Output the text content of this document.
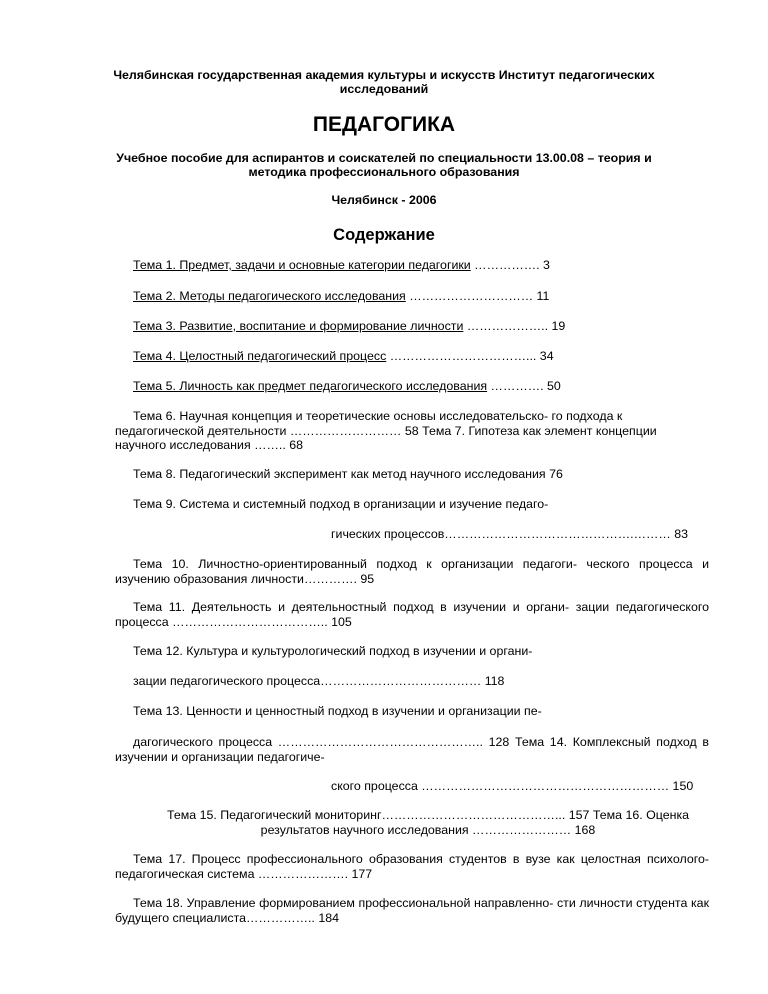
Челябинская государственная академия культуры и искусств Институт педагогических исследований
ПЕДАГОГИКА
Учебное пособие для аспирантов и соискателей по специальности 13.00.08 – теория и методика профессионального образования
Челябинск - 2006
Содержание
Тема 1. Предмет, задачи и основные категории педагогики ……………. 3
Тема 2. Методы педагогического исследования ………………………… 11
Тема 3. Развитие, воспитание и формирование личности ……………….. 19
Тема 4. Целостный педагогический процесс ……………………………... 34
Тема 5. Личность как предмет педагогического исследования …………. 50
Тема 6. Научная концепция и теоретические основы исследовательско- го подхода к педагогической деятельности ……………………… 58 Тема 7. Гипотеза как элемент концепции научного исследования …….. 68
Тема 8. Педагогический эксперимент как метод научного исследования 76
Тема 9. Система и системный подход в организации и изучение педаго-
гических процессов……………………………………….……… 83
Тема 10. Личностно-ориентированный подход к организации педагоги- ческого процесса и изучению образования личности…………. 95
Тема 11. Деятельность и деятельностный подход в изучении и органи- зации педагогического процесса ……………………………….. 105
Тема 12. Культура и культурологический подход в изучении и органи-
зации педагогического процесса………………………………… 118
Тема 13. Ценности и ценностный подход в изучении и организации пе-
дагогического процесса ………………………………………….. 128 Тема 14. Комплексный подход в изучении и организации педагогиче-
ского процесса …………………………………………………… 150
Тема 15. Педагогический мониторинг……………………………………... 157 Тема 16. Оценка результатов научного исследования …………………… 168
Тема 17. Процесс профессионального образования студентов в вузе как целостная психолого-педагогическая система …………………. 177
Тема 18. Управление формированием профессиональной направленно- сти личности студента как будущего специалиста…………….. 184
